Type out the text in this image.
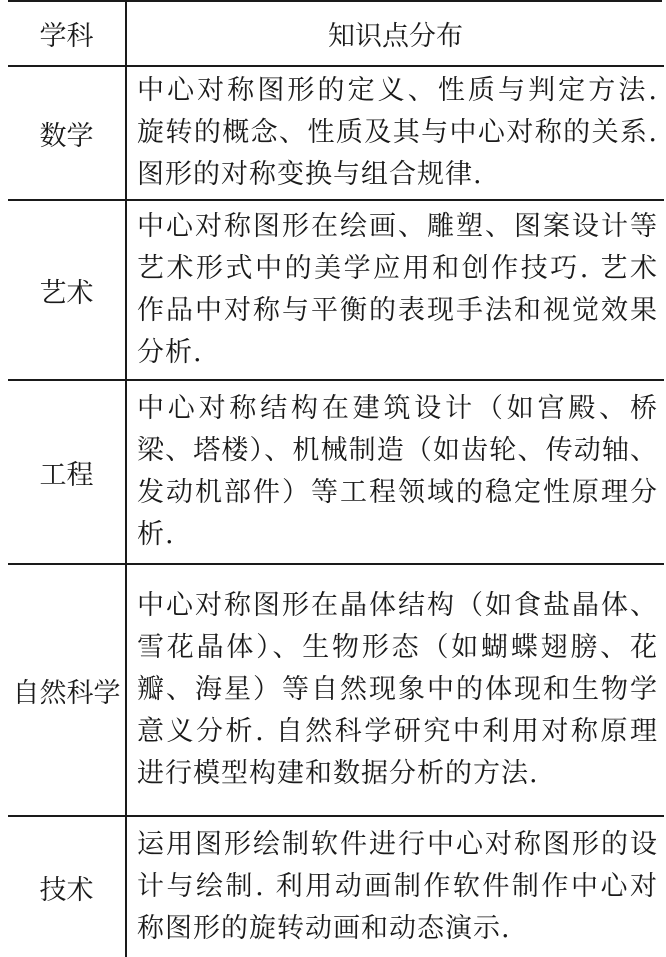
学科	知识点分布
数学	中心对称图形的定义、性质与判定方法. 旋转的概念、性质及其与中心对称的关系. 图形的对称变换与组合规律.
艺术	中心对称图形在绘画、雕塑、图案设计等艺术形式中的美学应用和创作技巧. 艺术作品中对称与平衡的表现手法和视觉效果分析.
工程	中心对称结构在建筑设计（如宫殿、桥梁、塔楼）、机械制造（如齿轮、传动轴、发动机部件）等工程领域的稳定性原理分析.
自然科学	中心对称图形在晶体结构（如食盐晶体、雪花晶体）、生物形态（如蝴蝶翅膀、花瓣、海星）等自然现象中的体现和生物学意义分析. 自然科学研究中利用对称原理进行模型构建和数据分析的方法.
技术	运用图形绘制软件进行中心对称图形的设计与绘制. 利用动画制作软件制作中心对称图形的旋转动画和动态演示.
